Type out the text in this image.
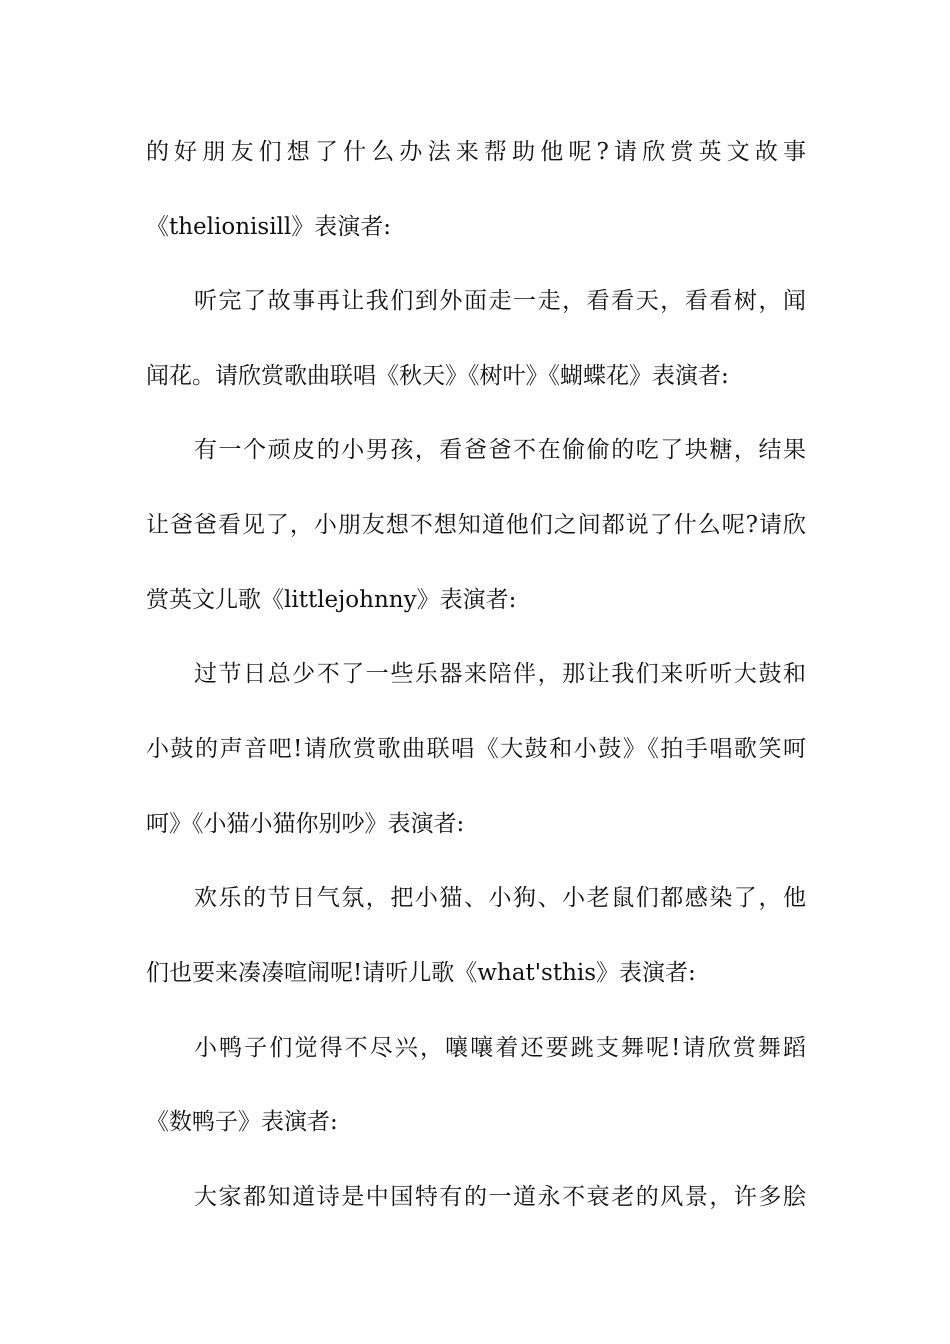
的好朋友们想了什么办法来帮助他呢?请欣赏英文故事
《thelionisill》表演者:
听完了故事再让我们到外面走一走，看看天，看看树，闻
闻花。请欣赏歌曲联唱《秋天》《树叶》《蝴蝶花》表演者:
有一个顽皮的小男孩，看爸爸不在偷偷的吃了块糖，结果
让爸爸看见了，小朋友想不想知道他们之间都说了什么呢?请欣
赏英文儿歌《littlejohnny》表演者:
过节日总少不了一些乐器来陪伴，那让我们来听听大鼓和
小鼓的声音吧!请欣赏歌曲联唱《大鼓和小鼓》《拍手唱歌笑呵
呵》《小猫小猫你别吵》表演者:
欢乐的节日气氛，把小猫、小狗、小老鼠们都感染了，他
们也要来凑凑喧闹呢!请听儿歌《what'sthis》表演者:
小鸭子们觉得不尽兴，嚷嚷着还要跳支舞呢!请欣赏舞蹈
《数鸭子》表演者:
大家都知道诗是中国特有的一道永不衰老的风景，许多脍
